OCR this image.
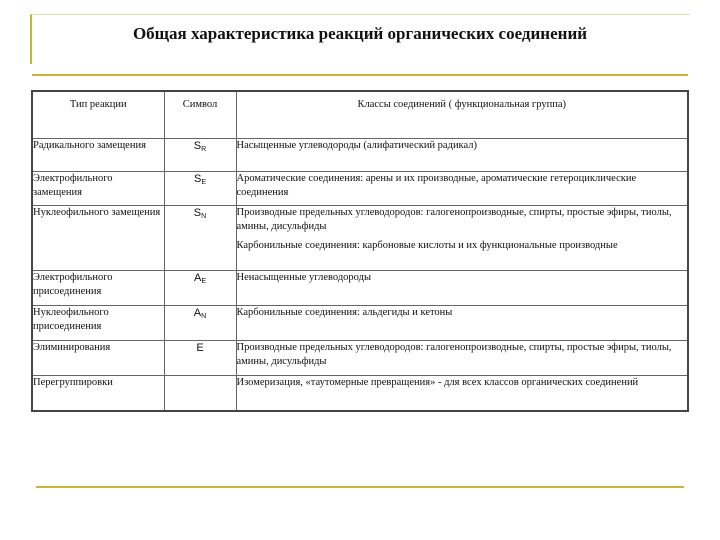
Общая характеристика реакций органических соединений
Тип реакции	Символ	Классы соединений ( функциональная группа)
Радикального замещения	$S_R$	Насыщенные углеводороды (алифатический радикал)

Электрофильного замещения	$S_E$	Ароматические соединения: арены и их производные, ароматические гетероциклические соединения

Нуклеофильного замещения	$S_N$	Производные предельных углеводородов: галогенопроизводные, спирты, простые эфиры, тиолы, амины, дисульфиды

Карбонильные соединения: карбоновые кислоты и их функциональные производные

Электрофильного присоединения	$A_E$	Ненасыщенные углеводороды

Нуклеофильного присоединения	$A_N$	Карбонильные соединения: альдегиды и кетоны

Элиминирования	E	Производные предельных углеводородов: галогенопроизводные, спирты, простые эфиры, тиолы, амины, дисульфиды

Перегруппировки		Изомеризация, «таутомерные превращения» - для всех классов органических соединений
